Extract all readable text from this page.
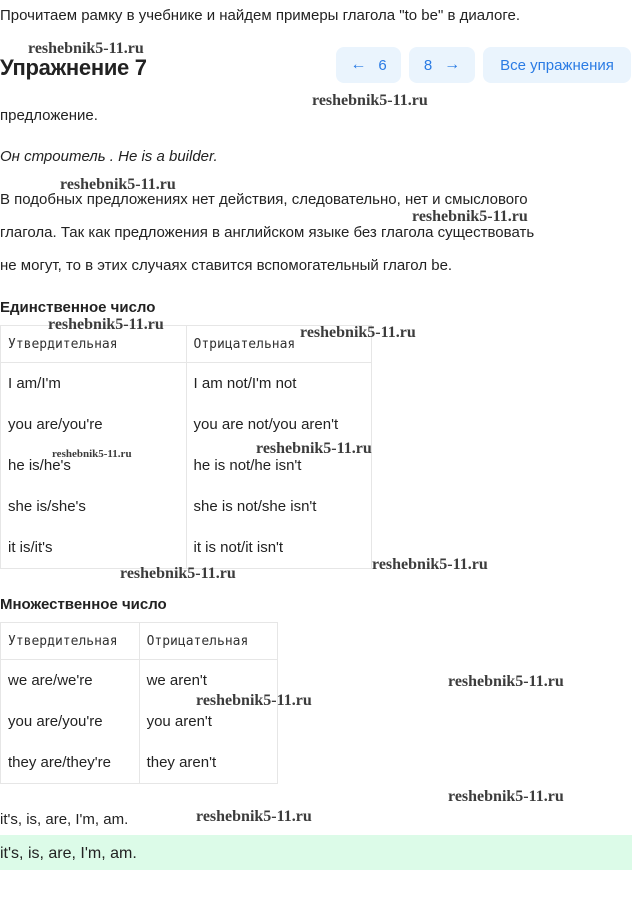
Прочитаем рамку в учебнике и найдем примеры глагола "to be" в диалоге.
Упражнение 7	← 6 8 →	Все упражнения
предложение.
Он строитель . He is a builder.
В подобных предложениях нет действия, следовательно, нет и смыслового
глагола. Так как предложения в английском языке без глагола существовать
не могут, то в этих случаях ставится вспомогательный глагол be.
Единственное число
Утвердительная	Отрицательная
I am/I'm	I am not/I'm not
you are/you're	you are not/you aren't
he is/he's	he is not/he isn't
she is/she's	she is not/she isn't
it is/it's	it is not/it isn't
Множественное число
Утвердительная	Отрицательная
we are/we're	we aren't
you are/you're	you aren't
they are/they're	they aren't
it's, is, are, I'm, am.
it's, is, are, I'm, am.
reshebnik5-11.ru
reshebnik5-11.ru
reshebnik5-11.ru
reshebnik5-11.ru
reshebnik5-11.ru	reshebnik5-11.ru
reshebnik5-11.ru
reshebnik5-11.ru
reshebnik5-11.ru
reshebnik5-11.ru
reshebnik5-11.ru
reshebnik5-11.ru
reshebnik5-11.ru
reshebnik5-11.ru
